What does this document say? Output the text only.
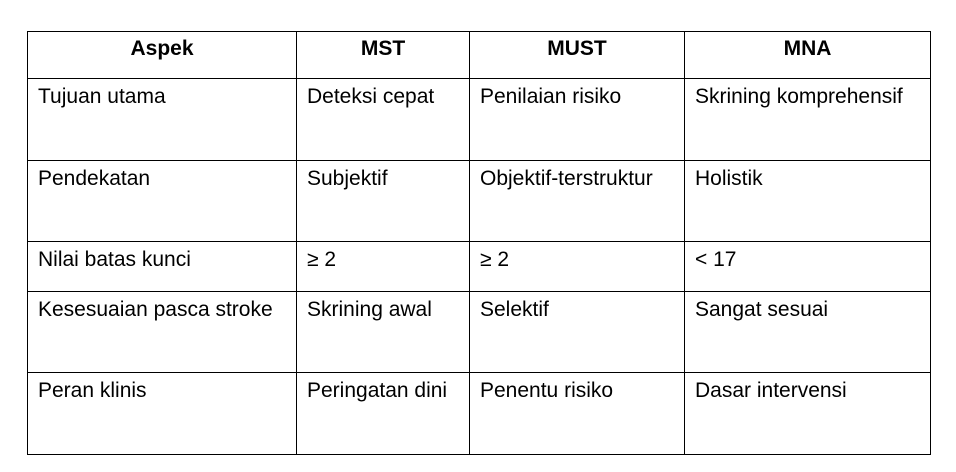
Aspek	MST	MUST	MNA
Tujuan utama	Deteksi cepat	Penilaian risiko	Skrining komprehensif
Pendekatan	Subjektif	Objektif-terstruktur	Holistik
Nilai batas kunci	≥ 2	≥ 2	< 17
Kesesuaian pasca stroke	Skrining awal	Selektif	Sangat sesuai
Peran klinis	Peringatan dini	Penentu risiko	Dasar intervensi
